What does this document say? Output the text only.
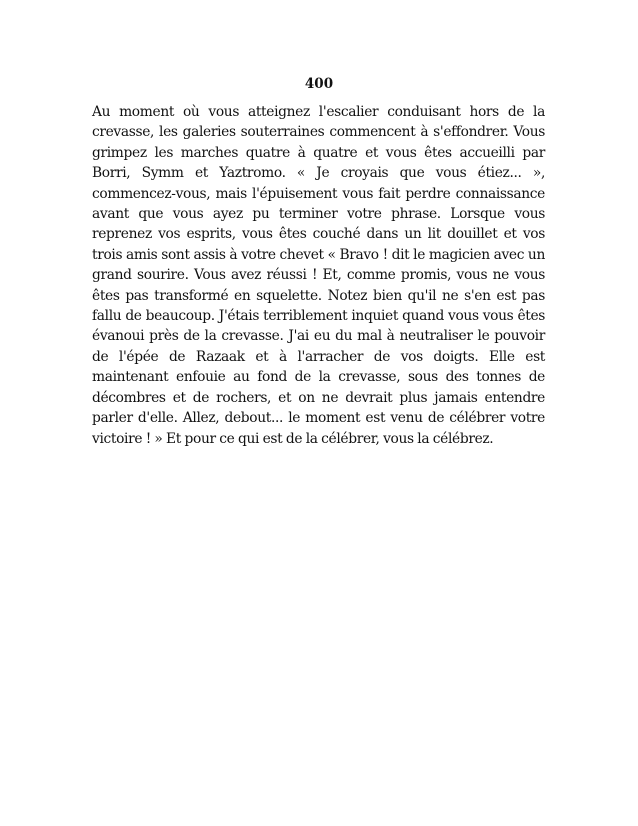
400

Au moment où vous atteignez l'escalier conduisant hors de la crevasse, les galeries souterraines commencent à s'effondrer. Vous grimpez les marches quatre à quatre et vous êtes accueilli par Borri, Symm et Yaztromo. « Je croyais que vous étiez... », commencez-vous, mais l'épuisement vous fait perdre connaissance avant que vous ayez pu terminer votre phrase. Lorsque vous reprenez vos esprits, vous êtes couché dans un lit douillet et vos trois amis sont assis à votre chevet « Bravo ! dit le magicien avec un grand sourire. Vous avez réussi ! Et, comme promis, vous ne vous êtes pas transformé en squelette. Notez bien qu'il ne s'en est pas fallu de beaucoup. J'étais terriblement inquiet quand vous vous êtes évanoui près de la crevasse. J'ai eu du mal à neutraliser le pouvoir de l'épée de Razaak et à l'arracher de vos doigts. Elle est maintenant enfouie au fond de la crevasse, sous des tonnes de décombres et de rochers, et on ne devrait plus jamais entendre parler d'elle. Allez, debout... le moment est venu de célébrer votre victoire ! » Et pour ce qui est de la célébrer, vous la célébrez.
